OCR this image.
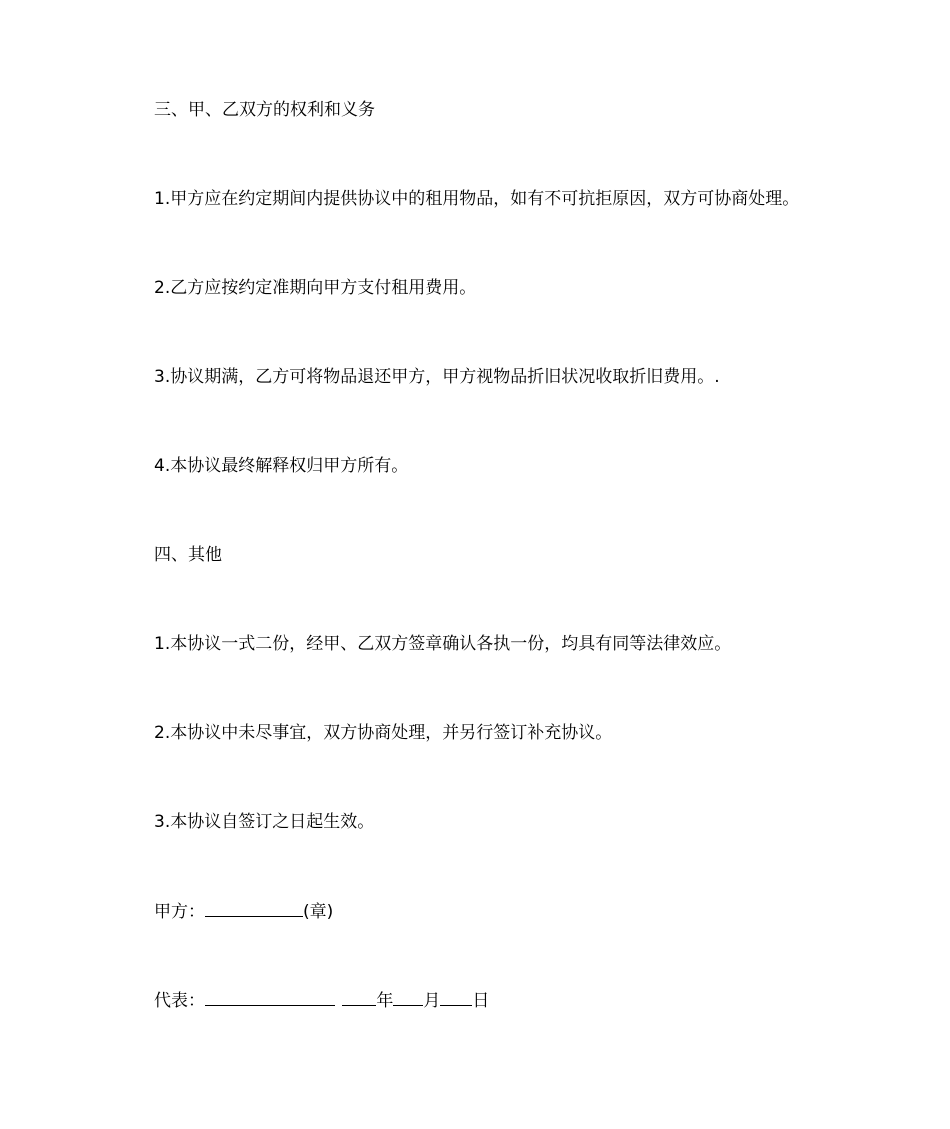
三、甲、乙双方的权利和义务
1.甲方应在约定期间内提供协议中的租用物品，如有不可抗拒原因，双方可协商处理。
2.乙方应按约定准期向甲方支付租用费用。
3.协议期满，乙方可将物品退还甲方，甲方视物品折旧状况收取折旧费用。.
4.本协议最终解释权归甲方所有。
四、其他
1.本协议一式二份，经甲、乙双方签章确认各执一份，均具有同等法律效应。
2.本协议中未尽事宜，双方协商处理，并另行签订补充协议。
3.本协议自签订之日起生效。
甲方：	(章)
代表：	年 月 日
